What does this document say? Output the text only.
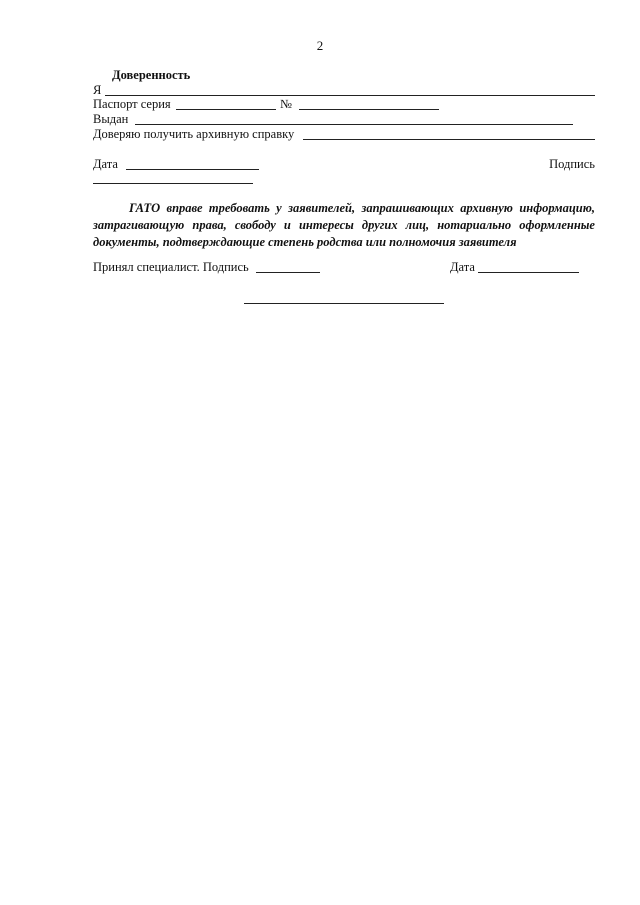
2
Доверенность
Я
Паспорт серия	№
Выдан
Доверяю получить архивную справку
Дата	Подпись
ГАТО вправе требовать у заявителей, запрашивающих архивную информацию, затрагивающую права, свободу и интересы других лиц, нотариально оформленные документы, подтверждающие степень родства или полномочия заявителя
Принял специалист. Подпись	Дата
